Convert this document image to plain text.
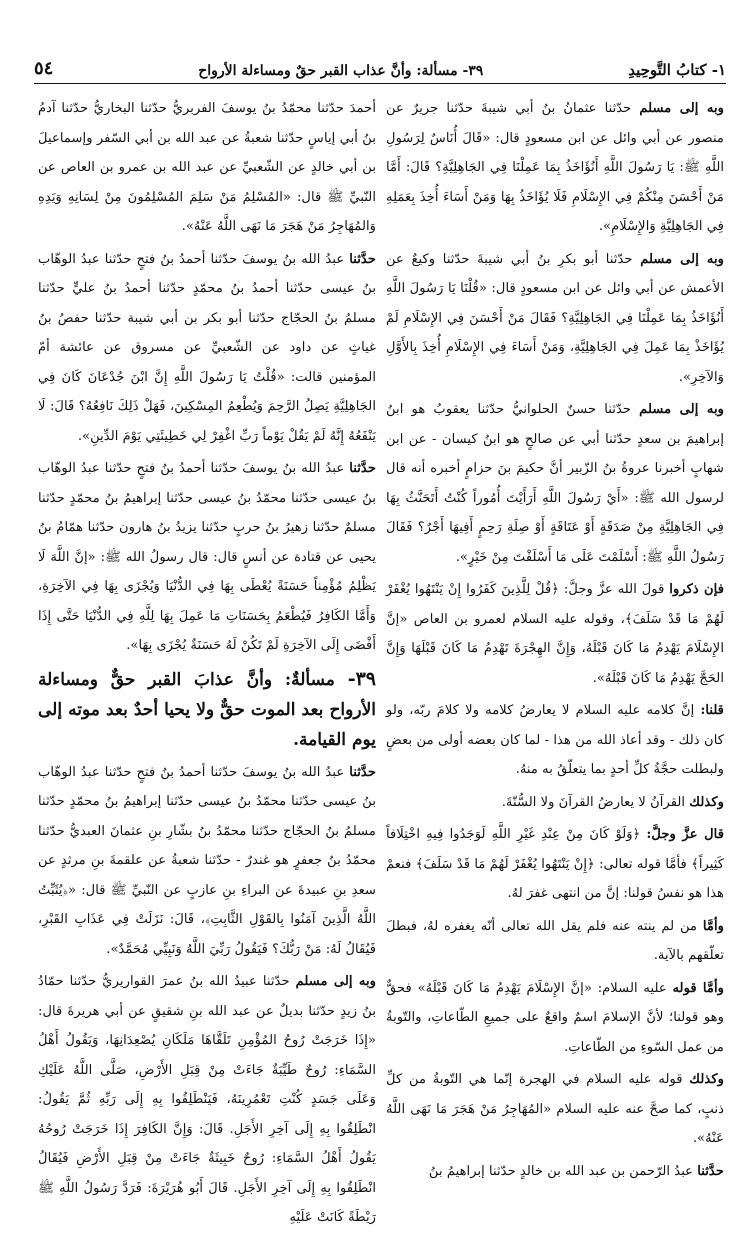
١- كتابُ التَّوحِيدِ
٣٩- مسألة: وأنَّ عذاب القبر حقٌ ومساءلة الأرواح
٥٤

وبه إلى مسلم حدّثنا عثمانُ بنُ أبي شيبةَ حدّثنا جريرٌ عن منصور عن أبي وائل عن ابن مسعودٍ قال: «قَالَ أُنَاسٌ لِرَسُولِ اللَّهِ ﷺ: يَا رَسُولَ اللَّهِ أَنُؤَاخَذُ بِمَا عَمِلْنَا فِي الجَاهِلِيَّةِ؟ قَالَ: أَمَّا مَنْ أَحْسَنَ مِنْكُمْ فِي الإِسْلَامِ فَلَا يُؤَاخَذُ بِهَا وَمَنْ أَسَاءَ أُخِذَ بِعَمَلِهِ فِي الجَاهِلِيَّةِ وَالإِسْلَامِ».

وبه إلى مسلم حدّثنا أبو بكرِ بنُ أبي شيبةَ حدّثنا وكيعٌ عن الأعمش عن أبي وائل عن ابن مسعودٍ قال: «قُلْنَا يَا رَسُولَ اللَّهِ أَنُؤَاخَذُ بِمَا عَمِلْنَا فِي الجَاهِلِيَّةِ؟ فَقَالَ مَنْ أَحْسَنَ فِي الإِسْلَامِ لَمْ يُؤَاخَذْ بِمَا عَمِلَ فِي الجَاهِلِيَّةِ، وَمَنْ أَسَاءَ فِي الإِسْلَامِ أُخِذَ بِالأَوَّلِ وَالآخِرِ».

وبه إلى مسلم حدّثنا حسنٌ الحلوانيُّ حدّثنا يعقوبُ هو ابنُ إبراهيمَ بن سعدٍ حدّثنا أبي عن صالحٍ هو ابنُ كيسان - عن ابن شهابٍ أخبرنا عروةُ بنُ الزّبير أنَّ حكيمَ بنَ حزامٍ أخبره أنه قال لرسول الله ﷺ: «أَيْ رَسُولَ اللَّهِ أَرَأَيْتَ أُمُوراً كُنْتُ أَتَحَنَّثُ بِهَا فِي الجَاهِلِيَّةِ مِنْ صَدَقَةٍ أَوْ عَتَاقَةٍ أَوْ صِلَةِ رَحِمٍ أَفِيهَا أَجْرٌ؟ فَقَالَ رَسُولُ اللَّهِ ﷺ: أَسْلَمْتَ عَلَى مَا أَسْلَفْتَ مِنْ خَيْرٍ».

فإن ذكروا قولَ الله عزَّ وجلَّ: ﴿قُلْ لِلَّذِينَ كَفَرُوا إِنْ يَنْتَهُوا يُغْفَرْ لَهُمْ مَا قَدْ سَلَفَ﴾، وقوله عليه السلام لعمرو بن العاص «إنَّ الإِسْلَامَ يَهْدِمُ مَا كَانَ قَبْلَهُ، وَإِنَّ الهِجْرَةَ تَهْدِمُ مَا كَانَ قَبْلَهَا وَإِنَّ الحَجَّ يَهْدِمُ مَا كَانَ قَبْلَهُ».

قلنا: إنَّ كلامه عليه السلام لا يعارضُ كلامه ولا كلامَ ربّه، ولو كان ذلك - وقد أعاذ الله من هذا - لما كان بعضه أولى من بعضٍ ولبطلت حجَّةُ كلِّ أحدٍ بما يتعلّقُ به منهُ.

وكذلك القرآنُ لا يعارضُ القرآنَ ولا السُّنّةَ.

قال عزَّ وجلَّ: ﴿وَلَوْ كَانَ مِنْ عِنْدِ غَيْرِ اللَّهِ لَوَجَدُوا فِيهِ اخْتِلَافاً كَثِيراً﴾ فأمَّا قوله تعالى: ﴿إِنْ يَنْتَهُوا يُغْفَرْ لَهُمْ مَا قَدْ سَلَفَ﴾ فنعمْ هذا هو نفسُ قولنا: إنَّ من انتهى غفرَ لهُ.

وأمَّا من لم ينته عنه فلم يقل الله تعالى أنّه يغفره لهُ، فبطلَ تعلّقهم بالآية.

وأمَّا قوله عليه السلام: «إنَّ الإِسْلَامَ يَهْدِمُ مَا كَانَ قَبْلَهُ» فحقٌّ وهو قولنا؛ لأنَّ الإسلامَ اسمٌ واقعٌ على جميعِ الطّاعاتِ، والتّوبةُ من عمل السّوءِ من الطّاعاتِ.

وكذلك قوله عليه السلام في الهجرة إنّما هي التّوبةُ من كلِّ ذنبٍ، كما صحَّ عنه عليه السلام «المُهَاجِرُ مَنْ هَجَرَ مَا نَهَى اللَّهُ عَنْهُ».

حدَّثنا عبدُ الرّحمن بن عبد الله بن خالدٍ حدّثنا إبراهيمُ بنُ

أحمدَ حدّثنا محمّدُ بنُ يوسفَ الفربريُّ حدّثنا البخاريُّ حدّثنا آدمُ بنُ أبي إياسٍ حدّثنا شعبةُ عن عبد الله بن أبي السّفر وإسماعيلَ بن أبي خالدٍ عن الشّعبيِّ عن عبد الله بن عمرو بن العاص عن النّبيِّ ﷺ قال: «المُسْلِمُ مَنْ سَلِمَ المُسْلِمُونَ مِنْ لِسَانِهِ وَيَدِهِ وَالمُهَاجِرُ مَنْ هَجَرَ مَا نَهَى اللَّهُ عَنْهُ».

حدَّثنا عبدُ الله بنُ يوسفَ حدّثنا أحمدُ بنُ فتحٍ حدّثنا عبدُ الوهّاب بنُ عيسى حدّثنا أحمدُ بنُ محمّدٍ حدّثنا أحمدُ بنُ عليٍّ حدّثنا مسلمُ بنُ الحجّاج حدّثنا أبو بكر بن أبي شيبة حدّثنا حفصُ بنُ غياثٍ عن داود عن الشّعبيِّ عن مسروق عن عائشة أمّ المؤمنين قالت: «قُلْتُ يَا رَسُولَ اللَّهِ إِنَّ ابْنَ جُدْعَانَ كَانَ فِي الجَاهِلِيَّةِ يَصِلُ الرَّحِمَ وَيُطْعِمُ المِسْكِينَ، فَهَلْ ذَلِكَ نَافِعُهُ؟ قَالَ: لَا يَنْفَعُهُ إِنَّهُ لَمْ يَقُلْ يَوْماً رَبِّ اغْفِرْ لِي خَطِيئَتِي يَوْمَ الدِّينِ».

حدَّثنا عبدُ الله بنُ يوسفَ حدّثنا أحمدُ بنُ فتحٍ حدّثنا عبدُ الوهّاب بنُ عيسى حدّثنا محمّدُ بنُ عيسى حدّثنا إبراهيمُ بنُ محمّدٍ حدّثنا مسلمٌ حدّثنا زهيرُ بنُ حربٍ حدّثنا يزيدُ بنُ هارون حدّثنا همّامُ بنُ يحيى عن قتادة عن أنسٍ قال: قال رسولُ الله ﷺ: «إنَّ اللَّهَ لَا يَظْلِمُ مُؤْمِناً حَسَنَةً يُعْطَى بِهَا فِي الدُّنْيَا وَيُجْزَى بِهَا فِي الآخِرَةِ، وَأَمَّا الكَافِرُ فَيُطْعَمُ بِحَسَنَاتِ مَا عَمِلَ بِهَا لِلَّهِ فِي الدُّنْيَا حَتَّى إِذَا أَفْضَى إِلَى الآخِرَةِ لَمْ تَكُنْ لَهُ حَسَنَةٌ يُجْزَى بِهَا».

٣٩- مسألةٌ: وأنَّ عذابَ القبر حقٌّ ومساءلة الأرواح بعد الموت حقٌّ ولا يحيا أحدٌ بعد موته إلى يوم القيامة.

حدَّثنا عبدُ الله بنُ يوسفَ حدّثنا أحمدُ بنُ فتحٍ حدّثنا عبدُ الوهّاب بنُ عيسى حدّثنا محمّدُ بنُ عيسى حدّثنا إبراهيمُ بنُ محمّدٍ حدّثنا مسلمُ بنُ الحجّاج حدّثنا محمّدُ بنُ بشّارِ بنِ عثمانَ العبديُّ حدّثنا محمّدُ بنُ جعفرٍ هو غندرٌ - حدّثنا شعبةُ عن علقمةَ بنِ مرثدٍ عن سعدِ بنِ عبيدةَ عن البراءِ بنِ عازبٍ عن النّبيِّ ﷺ قال: «﴿يُثَبِّتُ اللَّهُ الَّذِينَ آمَنُوا بِالقَوْلِ الثَّابِتِ﴾، قَالَ: نَزَلَتْ فِي عَذَابِ القَبْرِ، فَيُقَالُ لَهُ: مَنْ رَبُّكَ؟ فَيَقُولُ رَبِّيَ اللَّهُ وَنَبِيِّي مُحَمَّدٌ».

وبه إلى مسلم حدّثنا عبيدُ الله بنُ عمرَ القواريريُّ حدّثنا حمّادُ بنُ زيدٍ حدّثنا بديلٌ عن عبد الله بنِ شقيقٍ عن أبي هريرةَ قال: «إِذَا خَرَجَتْ رُوحُ المُؤْمِنِ تَلَقَّاهَا مَلَكَانِ يُصْعِدَانِهَا، وَيَقُولُ أَهْلُ السَّمَاءِ: رُوحٌ طَيِّبَةٌ جَاءَتْ مِنْ قِبَلِ الأَرْضِ، صَلَّى اللَّهُ عَلَيْكِ وَعَلَى جَسَدٍ كُنْتِ تَعْمُرِينَهُ، فَيَنْطَلِقُوا بِهِ إِلَى رَبِّهِ ثُمَّ يَقُولُ: انْطَلِقُوا بِهِ إِلَى آخِرِ الأَجَلِ. قَالَ: وَإِنَّ الكَافِرَ إِذَا خَرَجَتْ رُوحُهُ يَقُولُ أَهْلُ السَّمَاءِ: رُوحٌ خَبِيثَةٌ جَاءَتْ مِنْ قِبَلِ الأَرْضِ فَيُقَالُ انْطَلِقُوا بِهِ إِلَى آخِرِ الأَجَلِ. قَالَ أَبُو هُرَيْرَةَ: فَرَدَّ رَسُولُ اللَّهِ ﷺ رَيْطَةً كَانَتْ عَلَيْهِ
